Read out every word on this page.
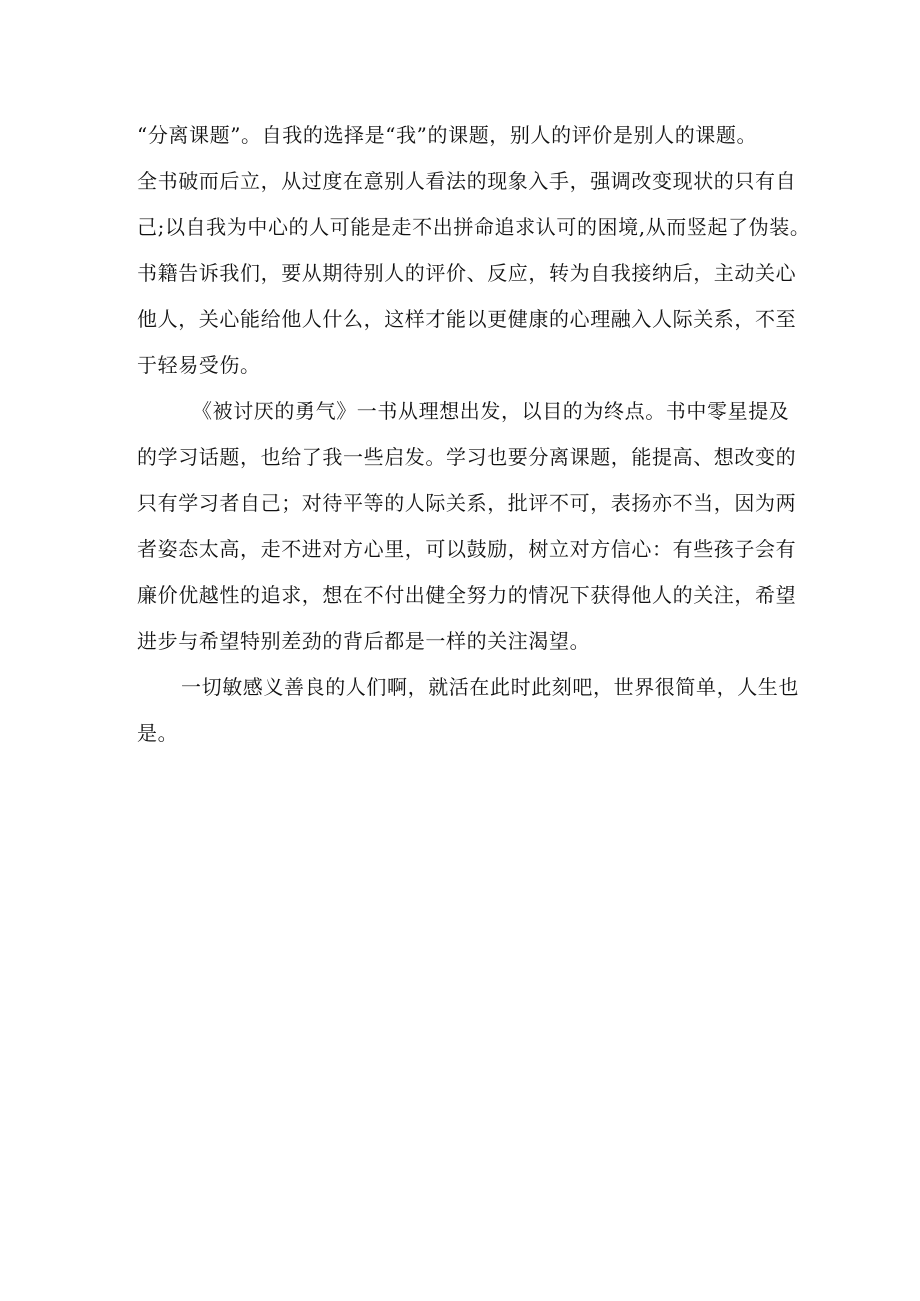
“分离课题”。自我的选择是“我”的课题，别人的评价是别人的课题。
全书破而后立，从过度在意别人看法的现象入手，强调改变现状的只有自
己;以自我为中心的人可能是走不出拼命追求认可的困境,从而竖起了伪装。
书籍告诉我们，要从期待别人的评价、反应，转为自我接纳后，主动关心
他人，关心能给他人什么，这样才能以更健康的心理融入人际关系，不至
于轻易受伤。

《被讨厌的勇气》一书从理想出发，以目的为终点。书中零星提及
的学习话题，也给了我一些启发。学习也要分离课题，能提高、想改变的
只有学习者自己；对待平等的人际关系，批评不可，表扬亦不当，因为两
者姿态太高，走不进对方心里，可以鼓励，树立对方信心：有些孩子会有
廉价优越性的追求，想在不付出健全努力的情况下获得他人的关注，希望
进步与希望特别差劲的背后都是一样的关注渴望。

一切敏感义善良的人们啊，就活在此时此刻吧，世界很简单，人生也
是。
